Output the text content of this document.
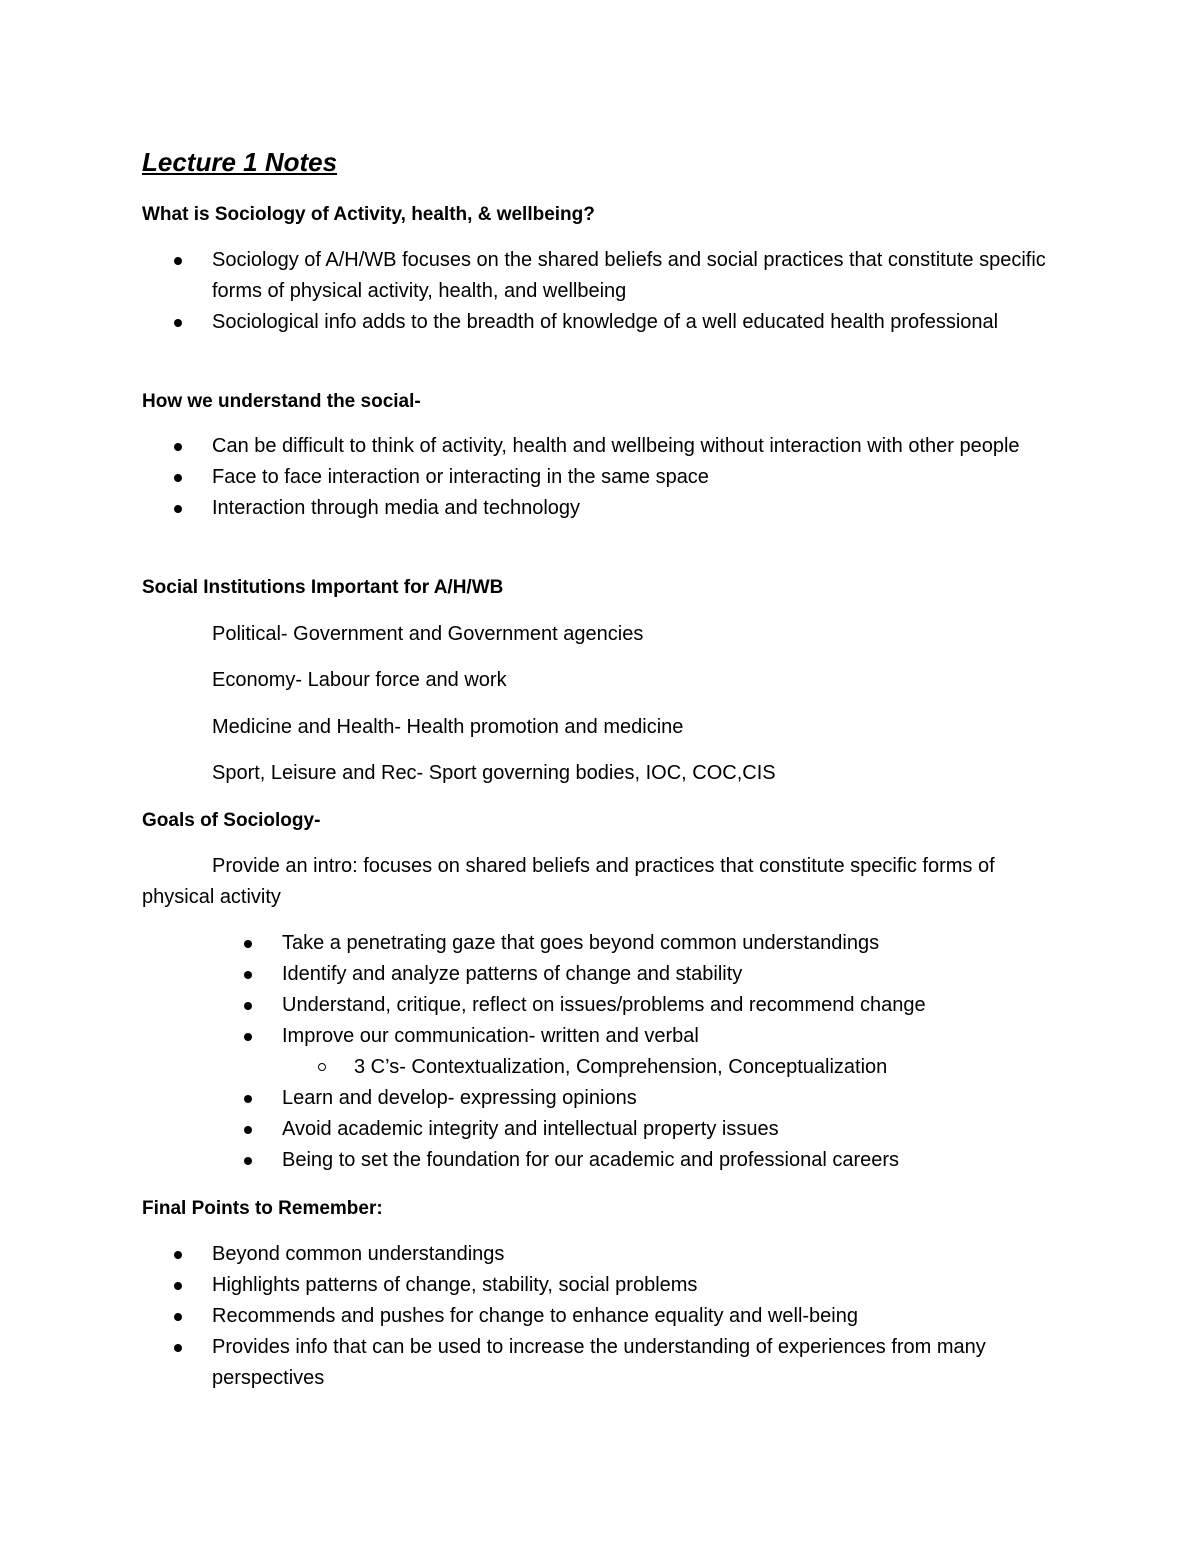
Lecture 1 Notes
What is Sociology of Activity, health, & wellbeing?
Sociology of A/H/WB focuses on the shared beliefs and social practices that constitute specific forms of physical activity, health, and wellbeing
Sociological info adds to the breadth of knowledge of a well educated health professional
How we understand the social-
Can be difficult to think of activity, health and wellbeing without interaction with other people
Face to face interaction or interacting in the same space
Interaction through media and technology
Social Institutions Important for A/H/WB

Political- Government and Government agencies

Economy- Labour force and work

Medicine and Health- Health promotion and medicine

Sport, Leisure and Rec- Sport governing bodies, IOC, COC,CIS

Goals of Sociology-

Provide an intro: focuses on shared beliefs and practices that constitute specific forms of physical activity

Take a penetrating gaze that goes beyond common understandings
Identify and analyze patterns of change and stability
Understand, critique, reflect on issues/problems and recommend change
Improve our communication- written and verbal
3 C’s- Contextualization, Comprehension, Conceptualization
Learn and develop- expressing opinions
Avoid academic integrity and intellectual property issues
Being to set the foundation for our academic and professional careers
Final Points to Remember:
Beyond common understandings
Highlights patterns of change, stability, social problems
Recommends and pushes for change to enhance equality and well-being
Provides info that can be used to increase the understanding of experiences from many perspectives
